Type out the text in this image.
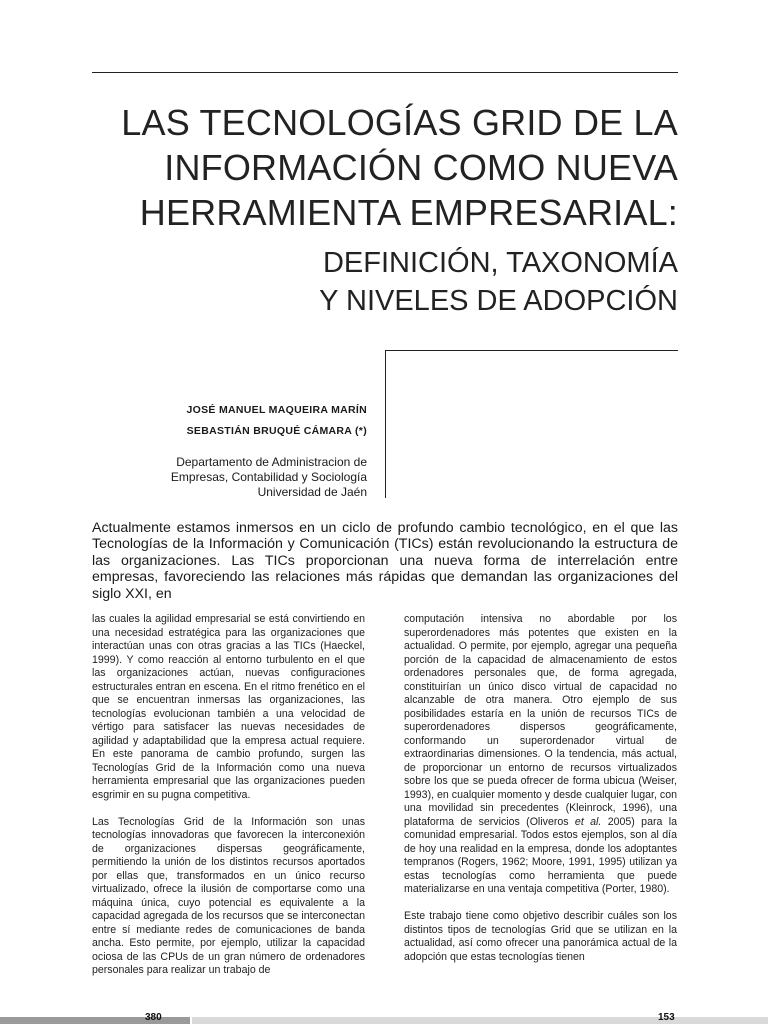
LAS TECNOLOGÍAS GRID DE LA
INFORMACIÓN COMO NUEVA
HERRAMIENTA EMPRESARIAL:
DEFINICIÓN, TAXONOMÍA
Y NIVELES DE ADOPCIÓN
JOSÉ MANUEL MAQUEIRA MARÍN
SEBASTIÁN BRUQUÉ CÁMARA (*)
Departamento de Administracion de
Empresas, Contabilidad y Sociología
Universidad de Jaén

Actualmente estamos inmersos en un ciclo de profundo cambio tecnológico, en el que las Tecnologías de la Información y Comunicación (TICs) están revolucionando la estructura de las organizaciones. Las TICs proporcionan una nueva forma de interrelación entre empresas, favoreciendo las relaciones más rápidas que demandan las organizaciones del siglo XXI, en

las cuales la agilidad empresarial se está convirtiendo en una necesidad estratégica para las organizaciones que interactúan unas con otras gracias a las TICs (Haeckel, 1999). Y como reacción al entorno turbulento en el que las organizaciones actúan, nuevas configuraciones estructurales entran en escena. En el ritmo frenético en el que se encuentran inmersas las organizaciones, las tecnologías evolucionan también a una velocidad de vértigo para satisfacer las nuevas necesidades de agilidad y adaptabilidad que la empresa actual requiere. En este panorama de cambio profundo, surgen las Tecnologías Grid de la Información como una nueva herramienta empresarial que las organizaciones pueden esgrimir en su pugna competitiva.

Las Tecnologías Grid de la Información son unas tecnologías innovadoras que favorecen la interconexión de organizaciones dispersas geográficamente, permitiendo la unión de los distintos recursos aportados por ellas que, transformados en un único recurso virtualizado, ofrece la ilusión de comportarse como una máquina única, cuyo potencial es equivalente a la capacidad agregada de los recursos que se interconectan entre sí mediante redes de comunicaciones de banda ancha. Esto permite, por ejemplo, utilizar la capacidad ociosa de las CPUs de un gran número de ordenadores personales para realizar un trabajo de

computación intensiva no abordable por los superordenadores más potentes que existen en la actualidad. O permite, por ejemplo, agregar una pequeña porción de la capacidad de almacenamiento de estos ordenadores personales que, de forma agregada, constituirían un único disco virtual de capacidad no alcanzable de otra manera. Otro ejemplo de sus posibilidades estaría en la unión de recursos TICs de superordenadores dispersos geográficamente, conformando un superordenador virtual de extraordinarias dimensiones. O la tendencia, más actual, de proporcionar un entorno de recursos virtualizados sobre los que se pueda ofrecer de forma ubicua (Weiser, 1993), en cualquier momento y desde cualquier lugar, con una movilidad sin precedentes (Kleinrock, 1996), una plataforma de servicios (Oliveros et al. 2005) para la comunidad empresarial. Todos estos ejemplos, son al día de hoy una realidad en la empresa, donde los adoptantes tempranos (Rogers, 1962; Moore, 1991, 1995) utilizan ya estas tecnologías como herramienta que puede materializarse en una ventaja competitiva (Porter, 1980).

Este trabajo tiene como objetivo describir cuáles son los distintos tipos de tecnologías Grid que se utilizan en la actualidad, así como ofrecer una panorámica actual de la adopción que estas tecnologías tienen

380	153
